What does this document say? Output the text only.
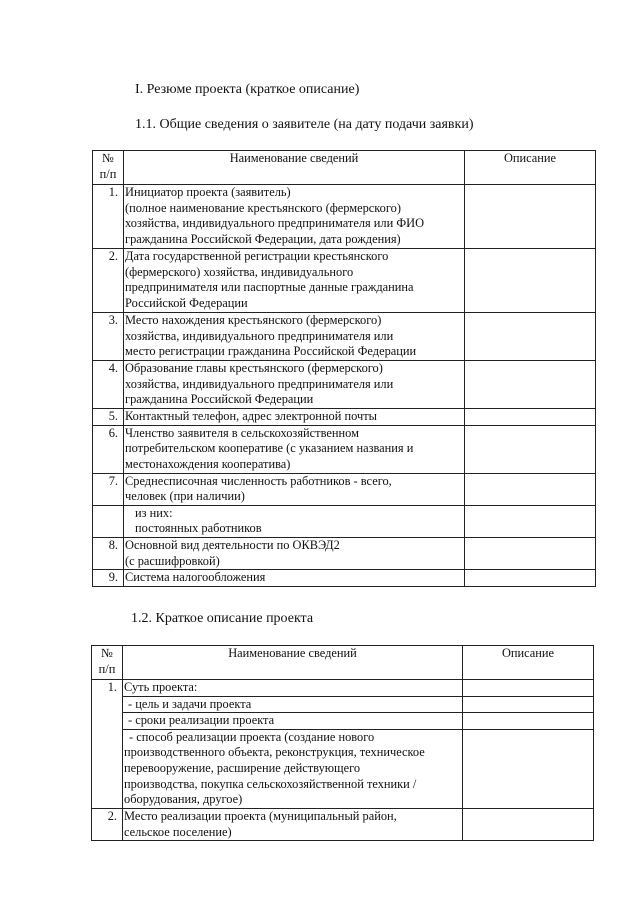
I. Резюме проекта (краткое описание)
1.1. Общие сведения о заявителе (на дату подачи заявки)
№
п/п	Наименование сведений	Описание
1.	Инициатор проекта (заявитель)
(полное наименование крестьянского (фермерского)
хозяйства, индивидуального предпринимателя или ФИО
гражданина Российской Федерации, дата рождения)	

2.	Дата государственной регистрации крестьянского
(фермерского) хозяйства, индивидуального
предпринимателя или паспортные данные гражданина
Российской Федерации	

3.	Место нахождения крестьянского (фермерского)
хозяйства, индивидуального предпринимателя или
место регистрации гражданина Российской Федерации	

4.	Образование главы крестьянского (фермерского)
хозяйства, индивидуального предпринимателя или
гражданина Российской Федерации	

5.	Контактный телефон, адрес электронной почты	

6.	Членство заявителя в сельскохозяйственном
потребительском кооперативе (с указанием названия и
местонахождения кооператива)	

7.	Среднесписочная численность работников - всего,
человек (при наличии)	

	из них:
постоянных работников	

8.	Основной вид деятельности по ОКВЭД2
(с расшифровкой)	

9.	Система налогообложения	

1.2. Краткое описание проекта
№
п/п	Наименование сведений	Описание
1.	Суть проекта:	

	- цель и задачи проекта	

	- сроки реализации проекта	

	- способ реализации проекта (создание нового
производственного объекта, реконструкция, техническое
перевооружение, расширение действующего
производства, покупка сельскохозяйственной техники /
оборудования, другое)	

2.	Место реализации проекта (муниципальный район,
сельское поселение)	
